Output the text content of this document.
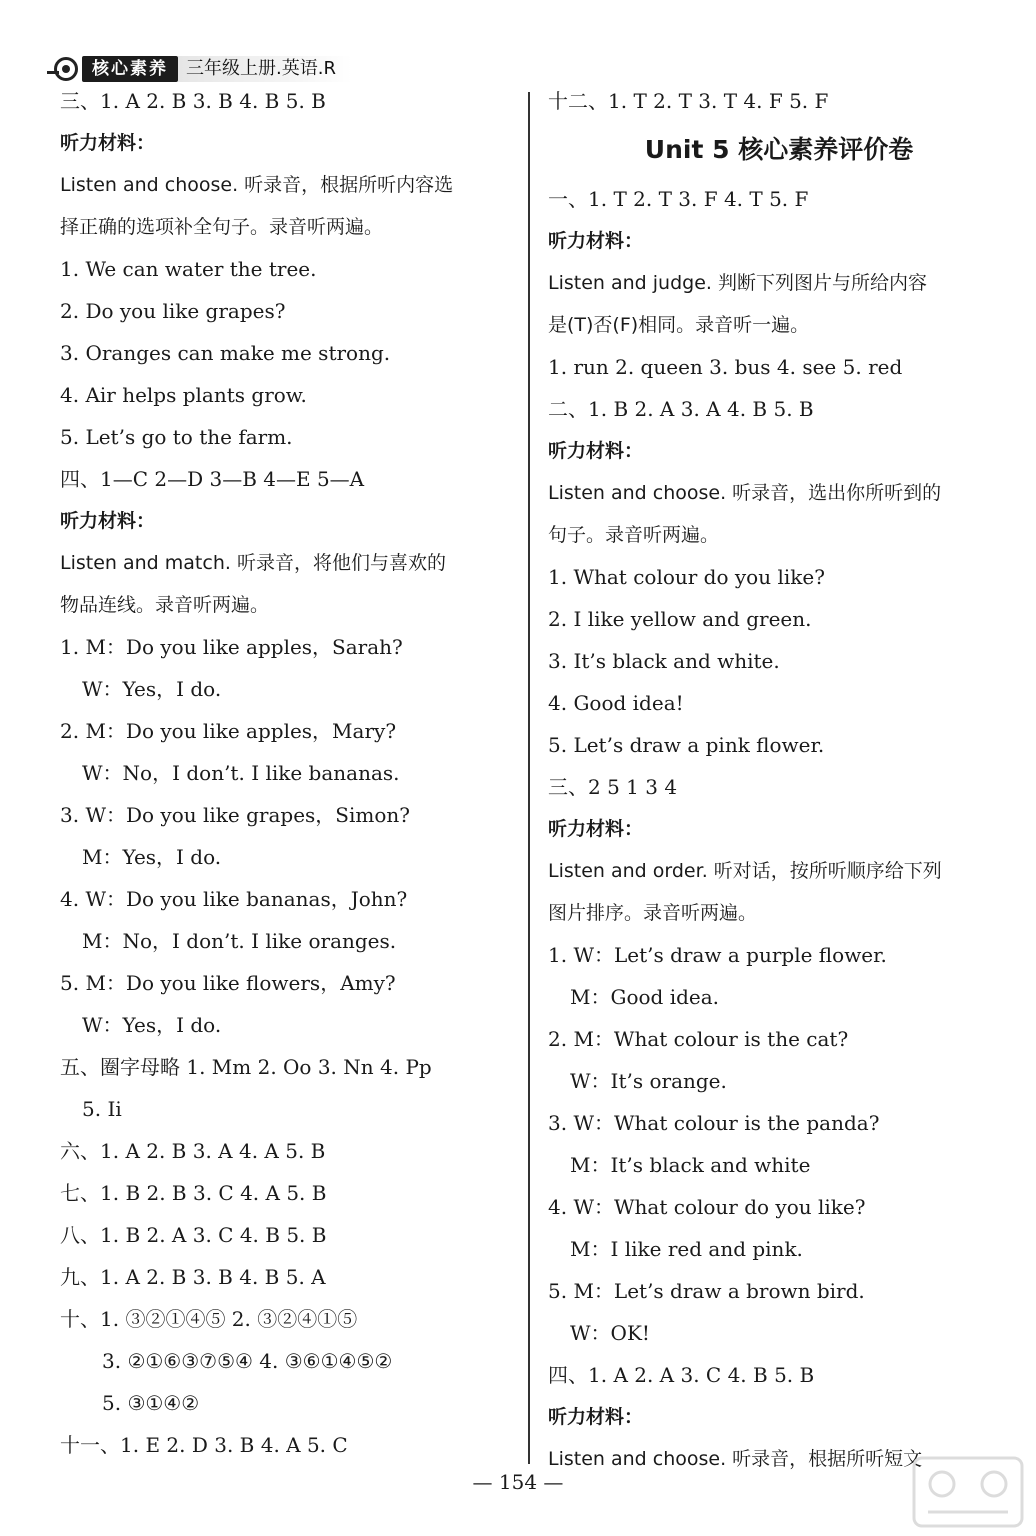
核心素养	三年级上册.英语.R
三、1. A 2. B 3. B 4. B 5. B
听力材料：
Listen and choose. 听录音，根据所听内容选
择正确的选项补全句子。录音听两遍。
1. We can water the tree.
2. Do you like grapes?
3. Oranges can make me strong.
4. Air helps plants grow.
5. Let’s go to the farm.
四、1—C 2—D 3—B 4—E 5—A
听力材料：
Listen and match. 听录音，将他们与喜欢的
物品连线。录音听两遍。
1. M：Do you like apples，Sarah?
W：Yes，I do.
2. M：Do you like apples，Mary?
W：No，I don’t. I like bananas.
3. W：Do you like grapes，Simon?
M：Yes，I do.
4. W：Do you like bananas，John?
M：No，I don’t. I like oranges.
5. M：Do you like flowers，Amy?
W：Yes，I do.
五、圈字母略 1. Mm 2. Oo 3. Nn 4. Pp
5. Ii
六、1. A 2. B 3. A 4. A 5. B
七、1. B 2. B 3. C 4. A 5. B
八、1. B 2. A 3. C 4. B 5. B
九、1. A 2. B 3. B 4. B 5. A
十、1. ③②①④⑤ 2. ③②④①⑤
3. ②①⑥③⑦⑤④ 4. ③⑥①④⑤②
5. ③①④②
十一、1. E 2. D 3. B 4. A 5. C
十二、1. T 2. T 3. T 4. F 5. F
Unit 5 核心素养评价卷
一、1. T 2. T 3. F 4. T 5. F
听力材料：
Listen and judge. 判断下列图片与所给内容
是(T)否(F)相同。录音听一遍。
1. run 2. queen 3. bus 4. see 5. red
二、1. B 2. A 3. A 4. B 5. B
听力材料：
Listen and choose. 听录音，选出你所听到的
句子。录音听两遍。
1. What colour do you like?
2. I like yellow and green.
3. It’s black and white.
4. Good idea!
5. Let’s draw a pink flower.
三、2 5 1 3 4
听力材料：
Listen and order. 听对话，按所听顺序给下列
图片排序。录音听两遍。
1. W：Let’s draw a purple flower.
M：Good idea.
2. M：What colour is the cat?
W：It’s orange.
3. W：What colour is the panda?
M：It’s black and white
4. W：What colour do you like?
M：I like red and pink.
5. M：Let’s draw a brown bird.
W：OK!
四、1. A 2. A 3. C 4. B 5. B
听力材料：
Listen and choose. 听录音，根据所听短文
— 154 —
